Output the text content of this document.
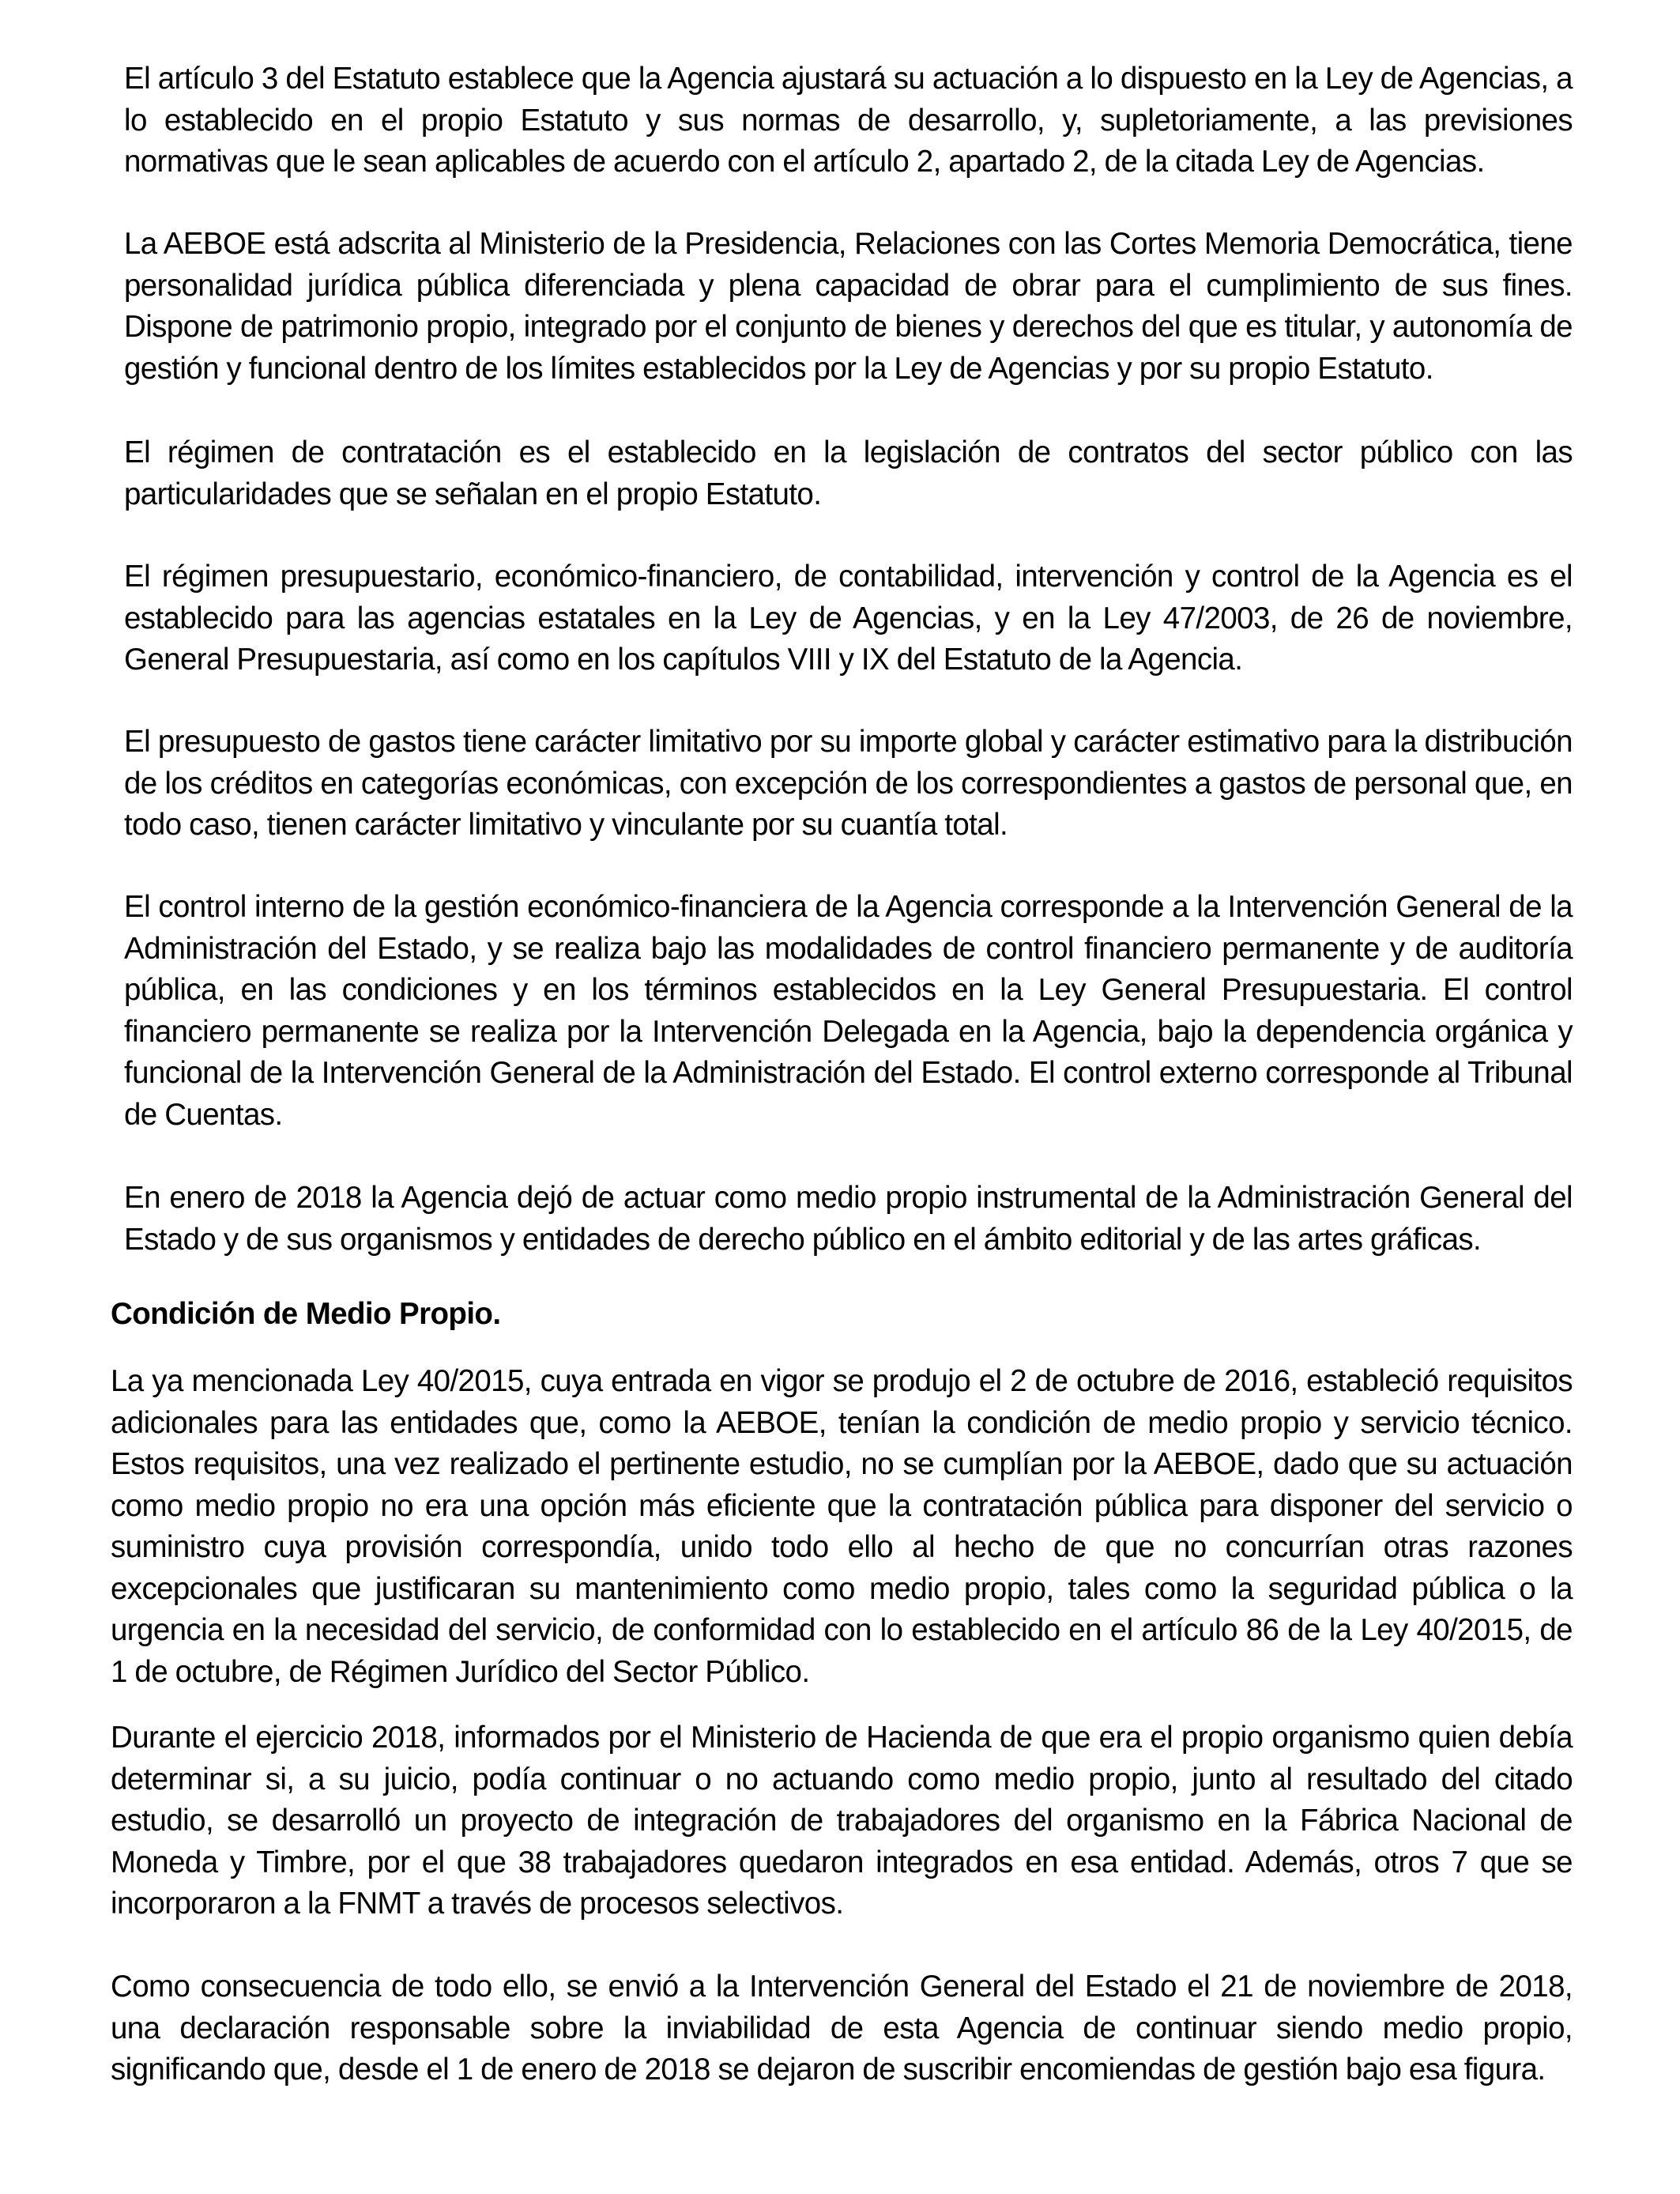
El artículo 3 del Estatuto establece que la Agencia ajustará su actuación a lo dispuesto en la Ley de Agencias, a lo establecido en el propio Estatuto y sus normas de desarrollo, y, supletoriamente, a las previsiones normativas que le sean aplicables de acuerdo con el artículo 2, apartado 2, de la citada Ley de Agencias.

La AEBOE está adscrita al Ministerio de la Presidencia, Relaciones con las Cortes Memoria Democrática, tiene personalidad jurídica pública diferenciada y plena capacidad de obrar para el cumplimiento de sus fines. Dispone de patrimonio propio, integrado por el conjunto de bienes y derechos del que es titular, y autonomía de gestión y funcional dentro de los límites establecidos por la Ley de Agencias y por su propio Estatuto.

El régimen de contratación es el establecido en la legislación de contratos del sector público con las particularidades que se señalan en el propio Estatuto.

El régimen presupuestario, económico-financiero, de contabilidad, intervención y control de la Agencia es el establecido para las agencias estatales en la Ley de Agencias, y en la Ley 47/2003, de 26 de noviembre, General Presupuestaria, así como en los capítulos VIII y IX del Estatuto de la Agencia.

El presupuesto de gastos tiene carácter limitativo por su importe global y carácter estimativo para la distribución de los créditos en categorías económicas, con excepción de los correspondientes a gastos de personal que, en todo caso, tienen carácter limitativo y vinculante por su cuantía total.

El control interno de la gestión económico-financiera de la Agencia corresponde a la Intervención General de la Administración del Estado, y se realiza bajo las modalidades de control financiero permanente y de auditoría pública, en las condiciones y en los términos establecidos en la Ley General Presupuestaria. El control financiero permanente se realiza por la Intervención Delegada en la Agencia, bajo la dependencia orgánica y funcional de la Intervención General de la Administración del Estado. El control externo corresponde al Tribunal de Cuentas.

En enero de 2018 la Agencia dejó de actuar como medio propio instrumental de la Administración General del Estado y de sus organismos y entidades de derecho público en el ámbito editorial y de las artes gráficas.

Condición de Medio Propio.

La ya mencionada Ley 40/2015, cuya entrada en vigor se produjo el 2 de octubre de 2016, estableció requisitos adicionales para las entidades que, como la AEBOE, tenían la condición de medio propio y servicio técnico. Estos requisitos, una vez realizado el pertinente estudio, no se cumplían por la AEBOE, dado que su actuación como medio propio no era una opción más eficiente que la contratación pública para disponer del servicio o suministro cuya provisión correspondía, unido todo ello al hecho de que no concurrían otras razones excepcionales que justificaran su mantenimiento como medio propio, tales como la seguridad pública o la urgencia en la necesidad del servicio, de conformidad con lo establecido en el artículo 86 de la Ley 40/2015, de 1 de octubre, de Régimen Jurídico del Sector Público.

Durante el ejercicio 2018, informados por el Ministerio de Hacienda de que era el propio organismo quien debía determinar si, a su juicio, podía continuar o no actuando como medio propio, junto al resultado del citado estudio, se desarrolló un proyecto de integración de trabajadores del organismo en la Fábrica Nacional de Moneda y Timbre, por el que 38 trabajadores quedaron integrados en esa entidad. Además, otros 7 que se incorporaron a la FNMT a través de procesos selectivos.

Como consecuencia de todo ello, se envió a la Intervención General del Estado el 21 de noviembre de 2018, una declaración responsable sobre la inviabilidad de esta Agencia de continuar siendo medio propio, significando que, desde el 1 de enero de 2018 se dejaron de suscribir encomiendas de gestión bajo esa figura.
